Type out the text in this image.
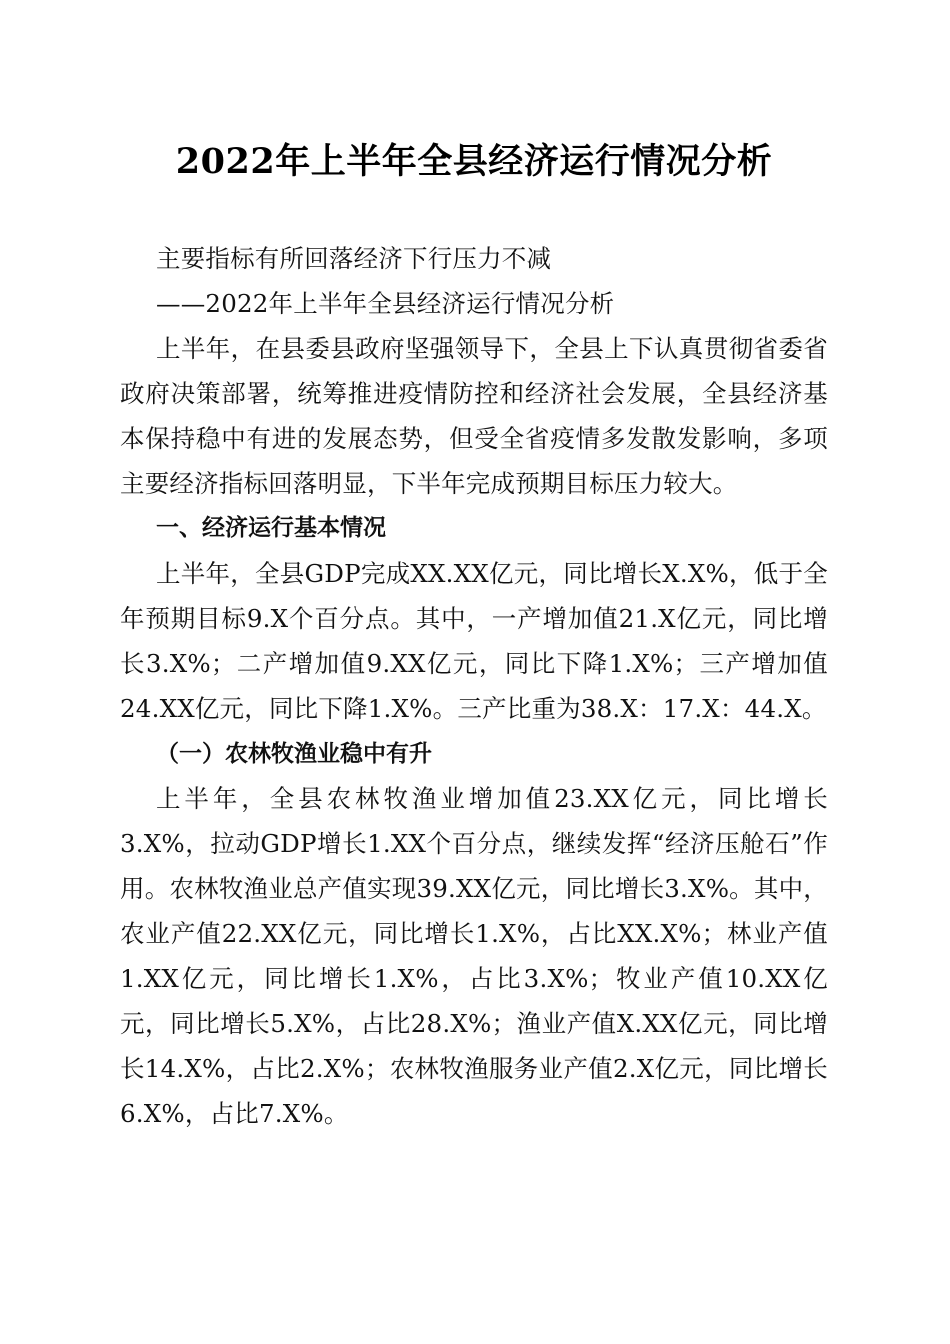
2022年上半年全县经济运行情况分析

主要指标有所回落经济下行压力不减

——2022年上半年全县经济运行情况分析

上半年，在县委县政府坚强领导下，全县上下认真贯彻省委省政府决策部署，统筹推进疫情防控和经济社会发展，全县经济基本保持稳中有进的发展态势，但受全省疫情多发散发影响，多项主要经济指标回落明显，下半年完成预期目标压力较大。

一、经济运行基本情况

上半年，全县GDP完成XX.XX亿元，同比增长X.X%，低于全年预期目标9.X个百分点。其中，一产增加值21.X亿元，同比增长3.X%；二产增加值9.XX亿元，同比下降1.X%；三产增加值24.XX亿元，同比下降1.X%。三产比重为38.X：17.X：44.X。

（一）农林牧渔业稳中有升

上半年，全县农林牧渔业增加值23.XX亿元，同比增长3.X%，拉动GDP增长1.XX个百分点，继续发挥“经济压舱石”作用。农林牧渔业总产值实现39.XX亿元，同比增长3.X%。其中，农业产值22.XX亿元，同比增长1.X%，占比XX.X%；林业产值1.XX亿元，同比增长1.X%，占比3.X%；牧业产值10.XX亿元，同比增长5.X%，占比28.X%；渔业产值X.XX亿元，同比增长14.X%，占比2.X%；农林牧渔服务业产值2.X亿元，同比增长6.X%，占比7.X%。
